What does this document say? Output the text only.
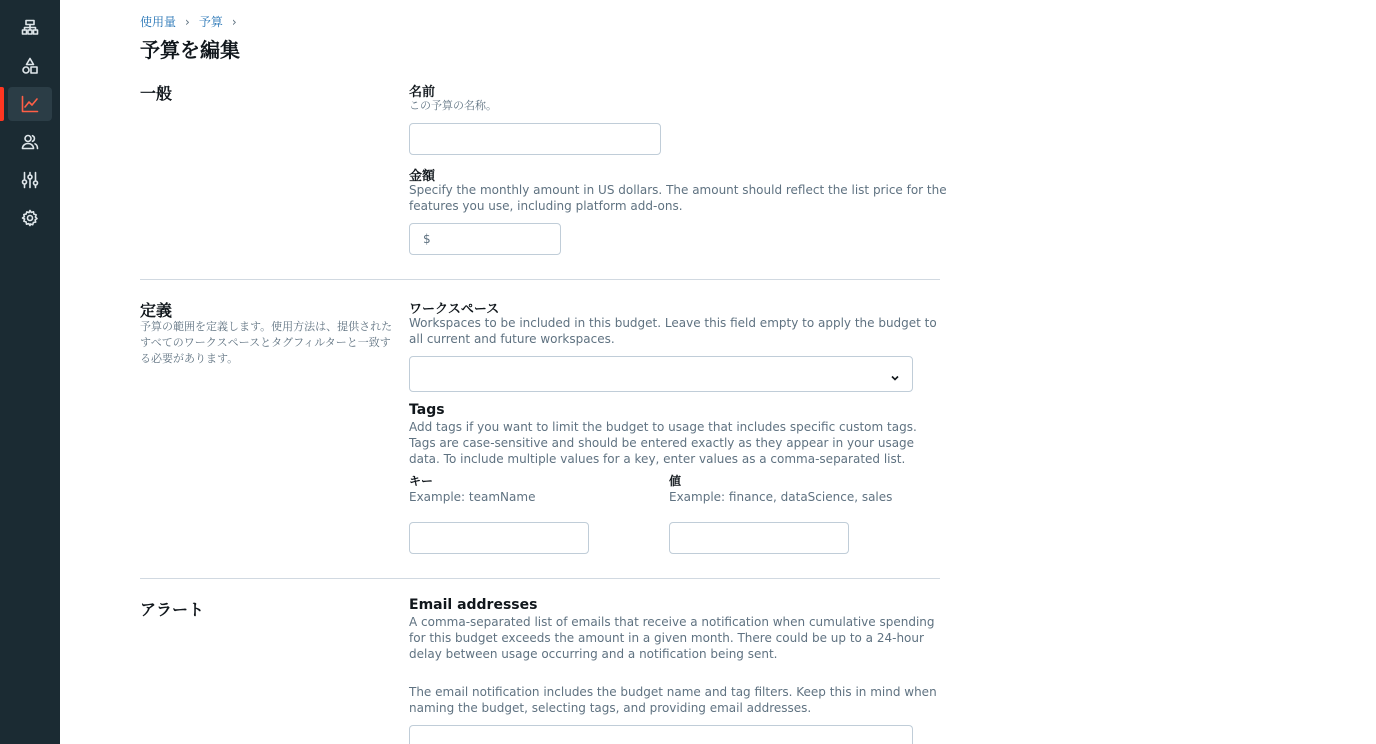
使用量 › 予算 ›
予算を編集
一般	名前
この予算の名称。
金額
Specify the monthly amount in US dollars. The amount should reflect the list price for the
features you use, including platform add-ons.
$
定義
予算の範囲を定義します。使用方法は、提供された
すべてのワークスペースとタグフィルターと一致す
る必要があります。
ワークスペース
Workspaces to be included in this budget. Leave this field empty to apply the budget to
all current and future workspaces.
Tags
Add tags if you want to limit the budget to usage that includes specific custom tags.
Tags are case-sensitive and should be entered exactly as they appear in your usage
data. To include multiple values for a key, enter values as a comma-separated list.
キー
Example: teamName
値
Example: finance, dataScience, sales
アラート	Email addresses
A comma-separated list of emails that receive a notification when cumulative spending
for this budget exceeds the amount in a given month. There could be up to a 24-hour
delay between usage occurring and a notification being sent.
The email notification includes the budget name and tag filters. Keep this in mind when
naming the budget, selecting tags, and providing email addresses.
